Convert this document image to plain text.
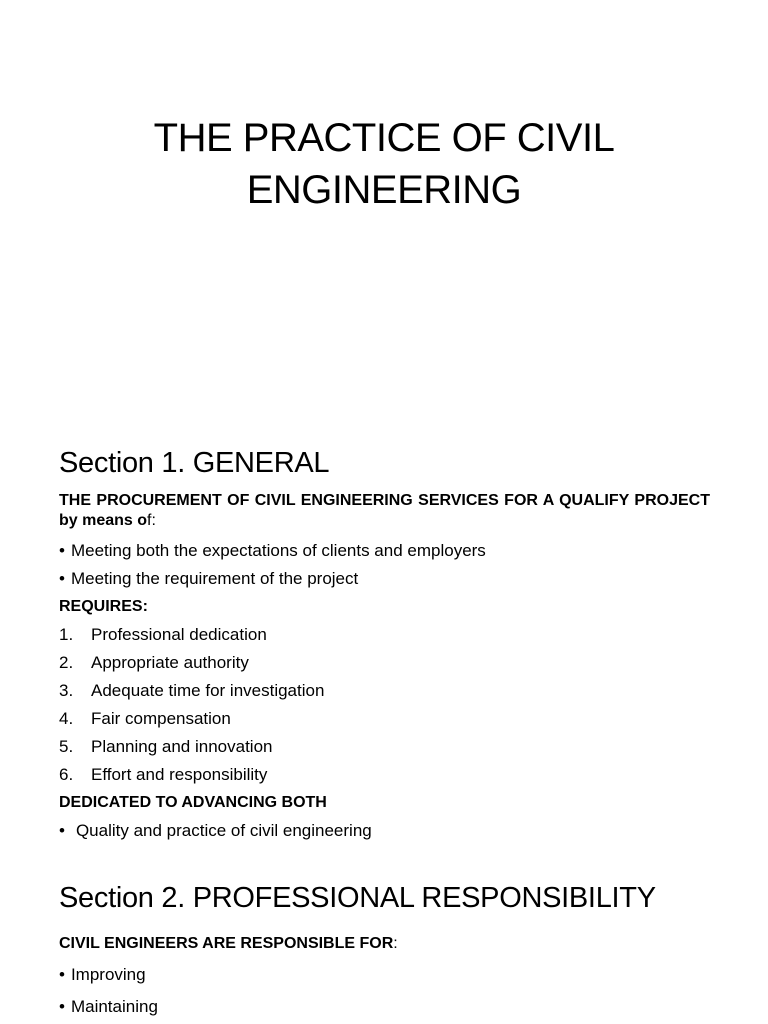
THE PRACTICE OF CIVIL
ENGINEERING
Section 1. GENERAL
THE PROCUREMENT OF CIVIL ENGINEERING SERVICES FOR A QUALIFY PROJECT by means of:
• Meeting both the expectations of clients and employers
• Meeting the requirement of the project
REQUIRES:
1. Professional dedication
2. Appropriate authority
3. Adequate time for investigation
4. Fair compensation
5. Planning and innovation
6. Effort and responsibility
DEDICATED TO ADVANCING BOTH
• Quality and practice of civil engineering
Section 2. PROFESSIONAL RESPONSIBILITY
CIVIL ENGINEERS ARE RESPONSIBLE FOR:
• Improving
• Maintaining
